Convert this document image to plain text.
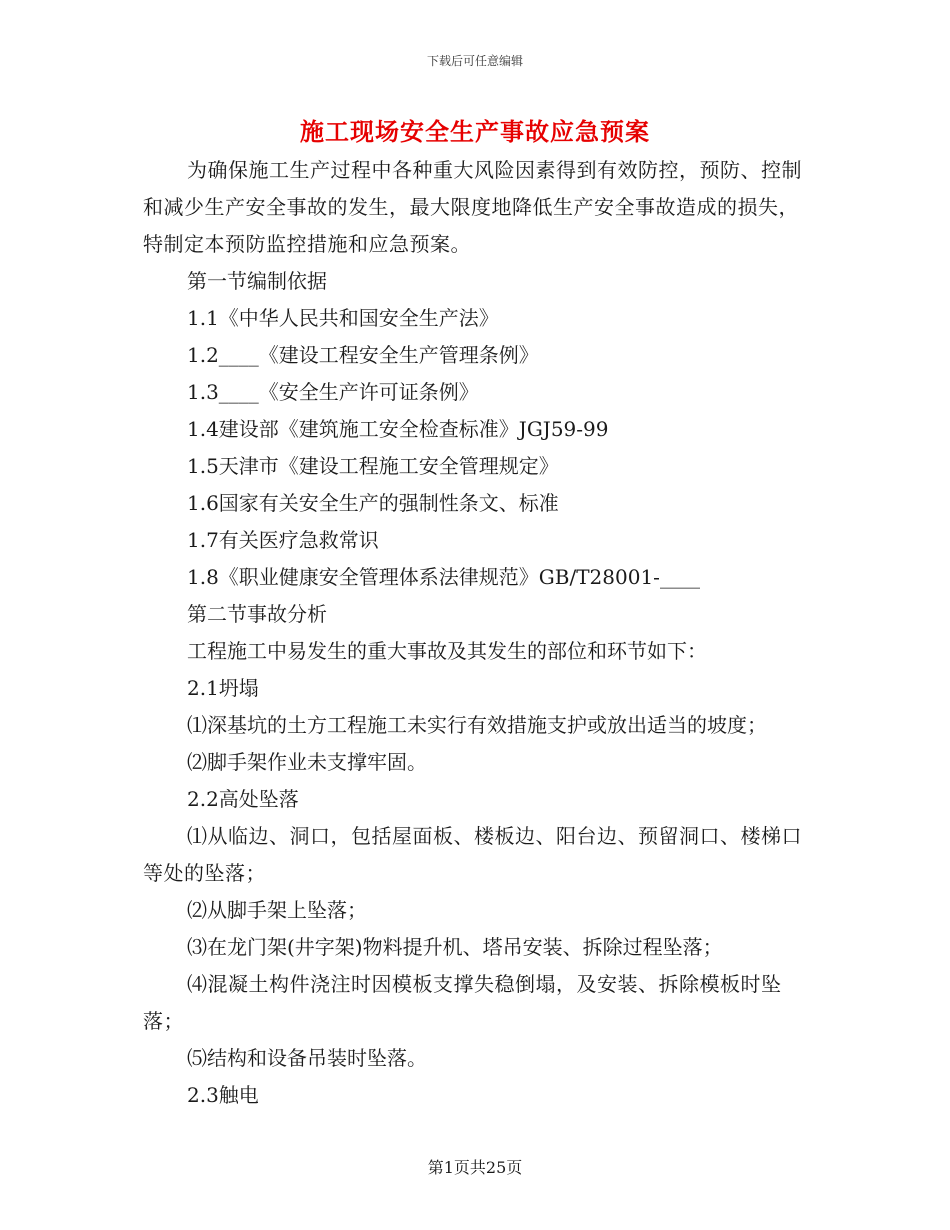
下载后可任意编辑
施工现场安全生产事故应急预案

为确保施工生产过程中各种重大风险因素得到有效防控，预防、控制和减少生产安全事故的发生，最大限度地降低生产安全事故造成的损失，特制定本预防监控措施和应急预案。

第一节编制依据

1.1《中华人民共和国安全生产法》

1.2____《建设工程安全生产管理条例》

1.3____《安全生产许可证条例》

1.4建设部《建筑施工安全检查标准》JGJ59-99

1.5天津市《建设工程施工安全管理规定》

1.6国家有关安全生产的强制性条文、标准

1.7有关医疗急救常识

1.8《职业健康安全管理体系法律规范》GB/T28001-____

第二节事故分析

工程施工中易发生的重大事故及其发生的部位和环节如下：

2.1坍塌

⑴深基坑的土方工程施工未实行有效措施支护或放出适当的坡度；

⑵脚手架作业未支撑牢固。

2.2高处坠落

⑴从临边、洞口，包括屋面板、楼板边、阳台边、预留洞口、楼梯口等处的坠落；

⑵从脚手架上坠落；

⑶在龙门架(井字架)物料提升机、塔吊安装、拆除过程坠落；

⑷混凝土构件浇注时因模板支撑失稳倒塌，及安装、拆除模板时坠落；

⑸结构和设备吊装时坠落。

2.3触电

第1页共25页
